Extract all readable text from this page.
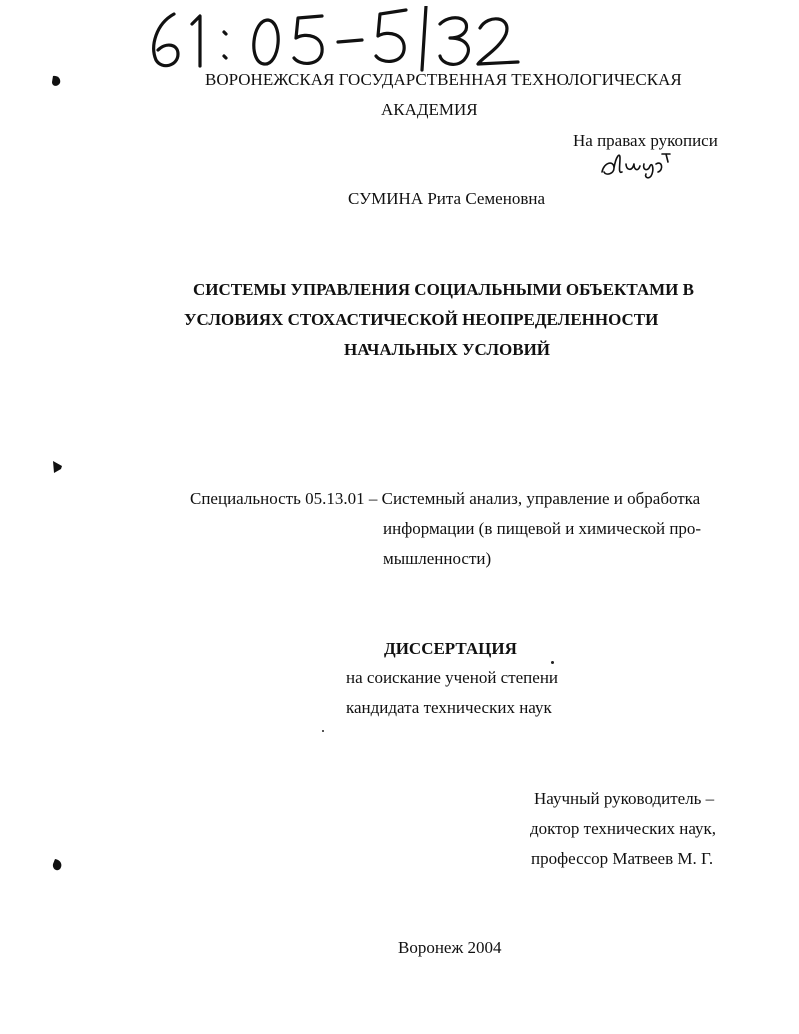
ВОРОНЕЖСКАЯ ГОСУДАРСТВЕННАЯ ТЕХНОЛОГИЧЕСКАЯ
АКАДЕМИЯ
На правах рукописи
СУМИНА Рита Семеновна
СИСТЕМЫ УПРАВЛЕНИЯ СОЦИАЛЬНЫМИ ОБЪЕКТАМИ В
УСЛОВИЯХ СТОХАСТИЧЕСКОЙ НЕОПРЕДЕЛЕННОСТИ
НАЧАЛЬНЫХ УСЛОВИЙ
Специальность 05.13.01 – Системный анализ, управление и обработка
информации (в пищевой и химической про-
мышленности)
ДИССЕРТАЦИЯ
на соискание ученой степени
кандидата технических наук
Научный руководитель –
доктор технических наук,
профессор Матвеев М. Г.
Воронеж 2004
